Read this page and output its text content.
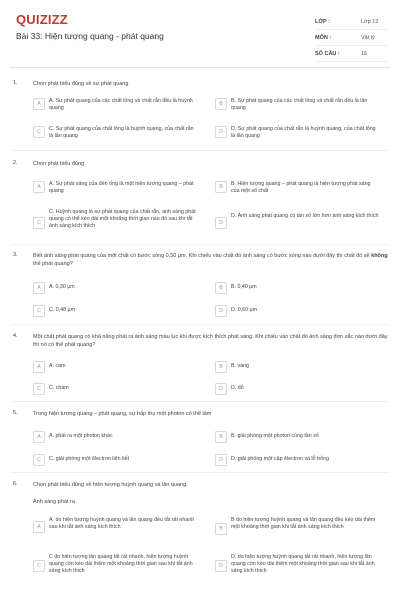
QUIZIZZ
Bài 33: Hiện tượng quang - phát quang
LỚP :	Lớp 12
MÔN :	Vật lý
SỐ CÂU :	15
1.	Chọn phát biểu đúng về sự phát quang
A	A. Sự phát quang của các chất lỏng và chất rắn đều là huỳnh quang
B	B. Sự phát quang của các chất lỏng và chất rắn đều là lân quang
C	C. Sự phát quang của chất lỏng là huỳnh quang, của chất rắn là lân quang
D	D. Sự phát quang của chất rắn là huỳnh quang, của chất lỏng là lân quang
2.	Chọn phát biểu đúng
A	A. Sự phát sáng của đèn ống là một hiện tượng quang – phát quang
B	B. Hiện tượng quang – phát quang là hiện tượng phát sáng của một số chất
C
C. Huỳnh quang là sự phát quang của chất rắn, ánh sáng phát quang có thể kéo dài một khoảng thời gian nào đó sau khi tắt ánh sáng kích thích	D
D. Ánh sáng phát quang có tần số lớn hơn ánh sáng kích thích
3.	Biết ánh sáng phát quang của một chất có bước sóng 0,50 μm. Khi chiếu vào chất đó ánh sáng có bước sóng nào dưới đây thì chất đó sẽ không thể phát quang?
A	A. 0,30 μm	B	B. 0,40 μm
C	C. 0,48 μm	D	D. 0,60 μm
4.	Một chất phát quang có khả năng phát ra ánh sáng màu lục khi được kích thích phát sáng. Khi chiếu vào chất đó ánh sáng đơn sắc nào dưới đây thì nó có thể phát quang?
A	A. cam	B	B. vàng
C	C. chàm	D	D. đỏ
5.	Trong hiện tượng quang – phát quang, sự hấp thụ một photon có thể làm
A	A. phát ra một photon khác	B	B. giải phóng một photon cùng tần số
C	C. giải phóng một êlectron liên kết	D	D. giải phóng một cặp êlectron và lỗ trống
6.	Chọn phát biểu đúng về hiện tượng huỳnh quang và lân quang.
Ánh sáng phát ra
A
A. do hiện tượng huỳnh quang và lân quang đều tắt rất nhanh sau khi tắt ánh sáng kích thích	B
B do hiện tượng huỳnh quang và lân quang đều kéo dài thêm một khoảng thời gian khi tắt ánh sáng kích thích
C
C do hiện tượng lân quang tắt rất nhanh, hiện tượng huỳnh quang còn kéo dài thêm một khoảng thời gian sau khi tắt ánh sáng kích thích
D
D. do hiện tượng huỳnh quang tắt rất nhanh, hiện tượng lân quang còn kéo dài thêm một khoảng thời gian sau khi tắt ánh sáng kích thích
